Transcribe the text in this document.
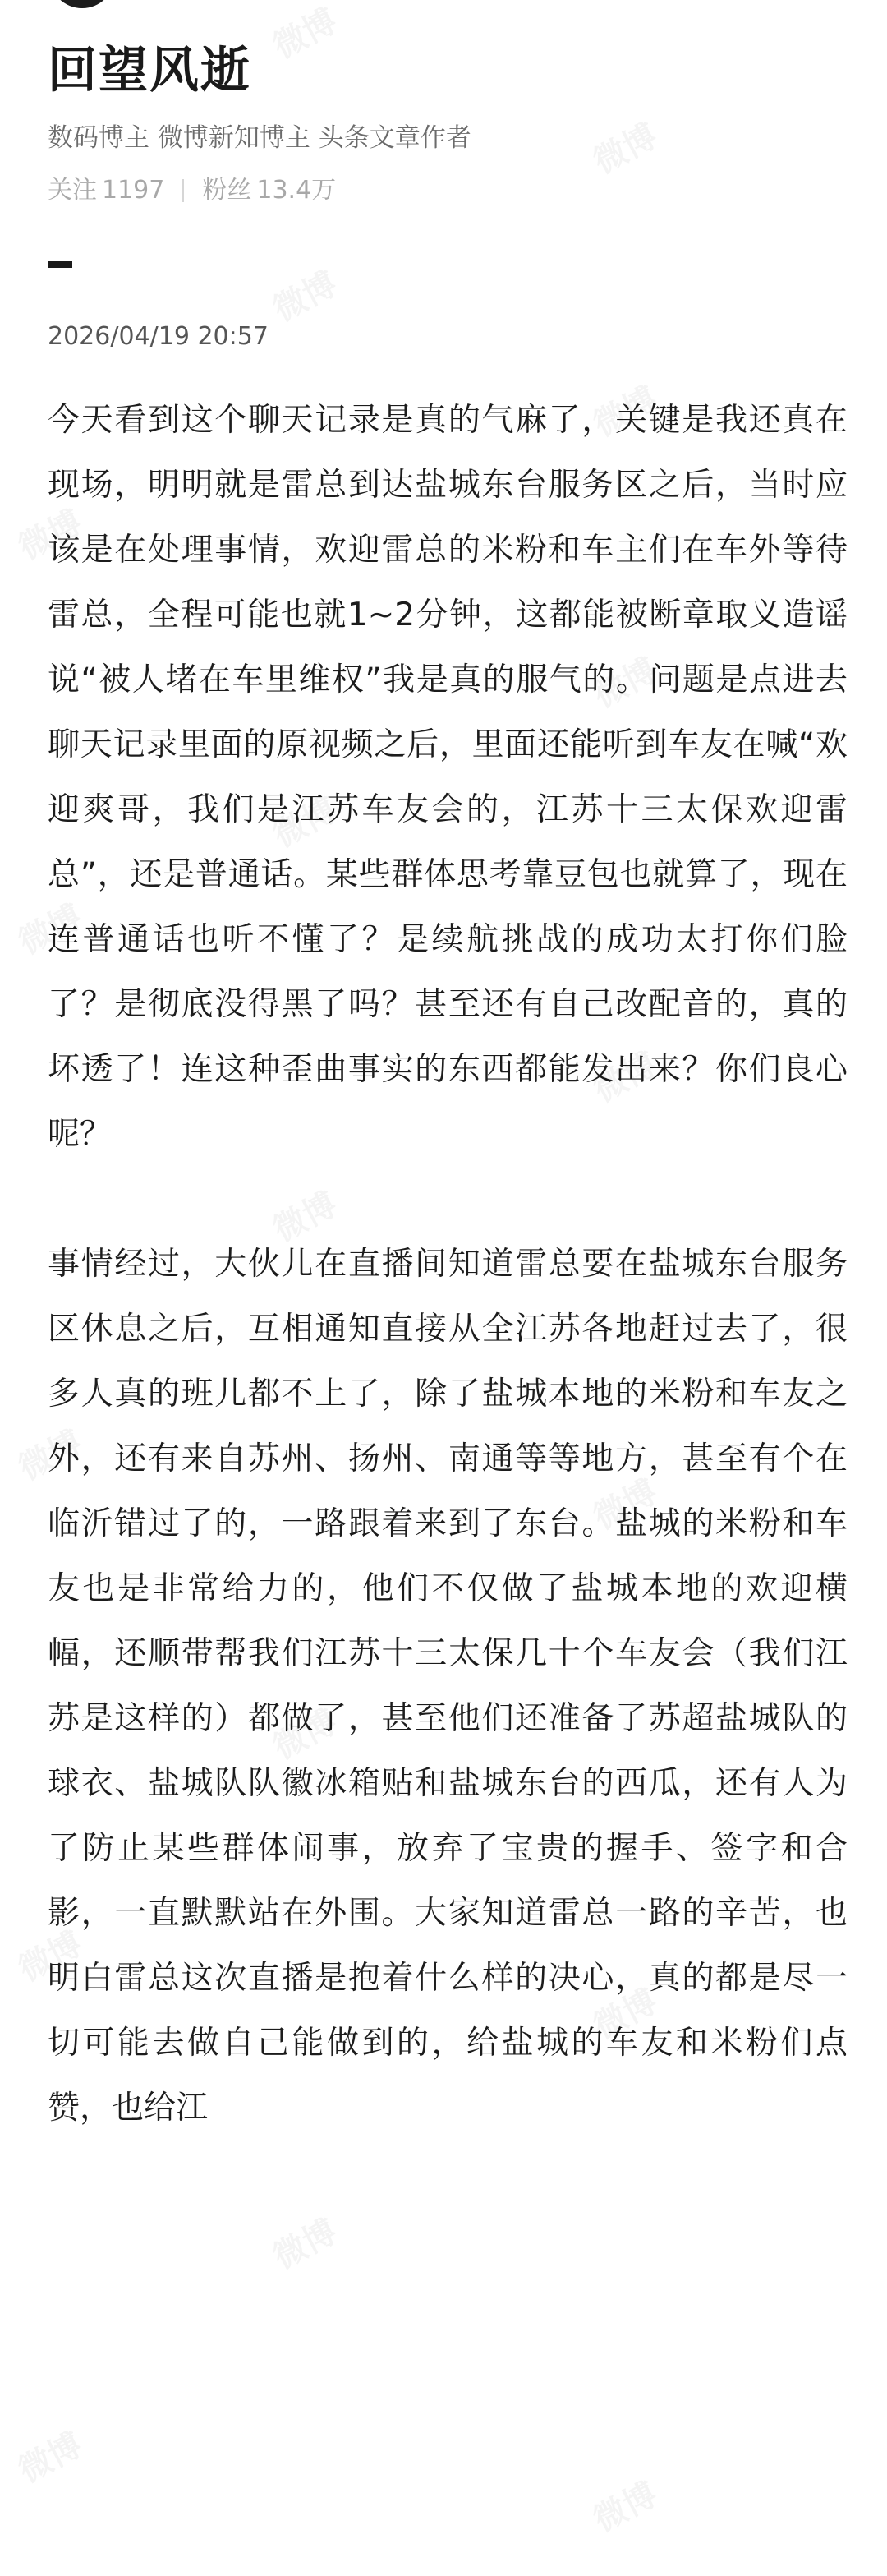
回望风逝
数码博主 微博新知博主 头条文章作者
关注 1197 粉丝 13.4万
2026/04/19 20:57

今天看到这个聊天记录是真的气麻了，关键是我还真在现场，明明就是雷总到达盐城东台服务区之后，当时应该是在处理事情，欢迎雷总的米粉和车主们在车外等待雷总，全程可能也就1~2分钟，这都能被断章取义造谣说“被人堵在车里维权”我是真的服气的。问题是点进去聊天记录里面的原视频之后，里面还能听到车友在喊“欢迎爽哥，我们是江苏车友会的，江苏十三太保欢迎雷总”，还是普通话。某些群体思考靠豆包也就算了，现在连普通话也听不懂了？是续航挑战的成功太打你们脸了？是彻底没得黑了吗？甚至还有自己改配音的，真的坏透了！连这种歪曲事实的东西都能发出来？你们良心呢？

事情经过，大伙儿在直播间知道雷总要在盐城东台服务区休息之后，互相通知直接从全江苏各地赶过去了，很多人真的班儿都不上了，除了盐城本地的米粉和车友之外，还有来自苏州、扬州、南通等等地方，甚至有个在临沂错过了的，一路跟着来到了东台。盐城的米粉和车友也是非常给力的，他们不仅做了盐城本地的欢迎横幅，还顺带帮我们江苏十三太保几十个车友会（我们江苏是这样的）都做了，甚至他们还准备了苏超盐城队的球衣、盐城队队徽冰箱贴和盐城东台的西瓜，还有人为了防止某些群体闹事，放弃了宝贵的握手、签字和合影，一直默默站在外围。大家知道雷总一路的辛苦，也明白雷总这次直播是抱着什么样的决心，真的都是尽一切可能去做自己能做到的，给盐城的车友和米粉们点赞，也给江
